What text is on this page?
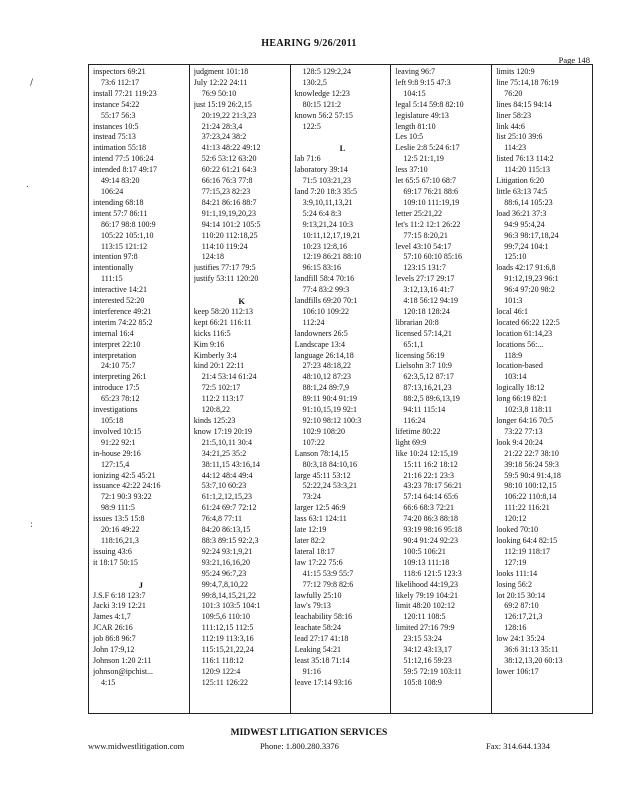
HEARING 9/26/2011
Page 148
/
.
:
inspectors 69:21
73:6 112:17
install 77:21 119:23
instance 54:22
55:17 56:3
instances 10:5
instead 75:13
intimation 55:18
intend 77:5 106:24
intended 8:17 49:17
49:14 83:20
106:24
intending 68:18
intent 57:7 86:11
86:17 98:8 100:9
105:22 105:1,10
113:15 121:12
intention 97:8
intentionally
111:15
interactive 14:21
interested 52:20
interference 49:21
interim 74:22 85:2
internal 16:4
interpret 22:10
interpretation
24:10 75:7
interpreting 26:1
introduce 17:5
65:23 78:12
investigations
105:18
involved 10:15
91:22 92:1
in-house 29:16
127:15,4
ionizing 42:5 45:21
issuance 42:22 24:16
72:1 90:3 93:22
98:9 111:5
issues 13:5 15:8
20:16 49:22
118:16,21,3
issuing 43:6
it 18:17 50:15

J
J.S.F 6:18 123:7
Jacki 3:19 12:21
James 4:1,7
JCAR 26:16
job 86:8 96:7
John 17:9,12
Johnson 1:20 2:11
johnson@ipchist...
4:15
judgment 101:18
July 12:22 24:11
76:9 50:10
just 15:19 26:2,15
20:19,22 21:3,23
21:24 28:3,4
37:23,24 38:2
41:13 48:22 49:12
52:6 53:12 63:20
60:22 61:21 64:3
66:16 76:3 77:8
77:15,23 82:23
84:21 86:16 88:7
91:1,19,19,20,23
94:14 101:2 105:5
110:20 112:18,25
114:10 119:24
124:18
justifies 77:17 79:5
justify 53:11 120:20

K
keep 58:20 112:13
kept 66:21 116:11
kicks 116:5
Kim 9:16
Kimberly 3:4
kind 20:1 22:11
21:4 53:14 61:24
72:5 102:17
112:2 113:17
120:8,22
kinds 125:23
know 17:19 20:19
21:5,10,11 30:4
34:21,25 35:2
38:11,15 43:16,14
44:12 48:4 49:4
53:7,10 60:23
61:1,2,12,15,23
61:24 69:7 72:12
76:4,8 77:11
84:20 86:13,15
88:3 89:15 92:2,3
92:24 93:1,9,21
93:21,16,16,20
95:24 96:7,23
99:4,7,8,10,22
99:8,14,15,21,22
101:3 103:5 104:1
109:5,6 110:10
111:12,15 112:5
112:19 113:3,16
115:15,21,22,24
116:1 118:12
120:9 122:4
125:11 126:22
128:5 129:2,24
130:2,5
knowledge 12:23
80:15 121:2
known 56:2 57:15
122:5

L
lab 71:6
laboratory 39:14
71:5 103:21,23
land 7:20 18:3 35:5
3:9,10,11,13,21
5:24 6:4 8:3
9:13,21,24 10:3
10:11,12,17,19,21
10:23 12:8,16
12:19 86:21 88:10
96:15 83:16
landfill 58:4 70:16
77:4 83:2 99:3
landfills 69:20 70:1
106:10 109:22
112:24
landowners 26:5
Landscape 13:4
language 26:14,18
27:23 48:18,22
48:10,12 87:23
88:1,24 89:7,9
89:11 90:4 91:19
91:10,15,19 92:1
92:10 98:12 100:3
102:9 108:20
107:22
Lanson 78:14,15
80:3,18 84:10,16
large 45:11 53:12
52:22,24 53:3,21
73:24
larger 12:5 46:9
lass 63:1 124:11
late 12:19
later 82:2
lateral 18:17
law 17:22 75:6
41:15 53:9 55:7
77:12 79:8 82:6
lawfully 25:10
law's 79:13
leachability 58:16
leachate 58:24
lead 27:17 41:18
Leaking 54:21
least 35:18 71:14
91:16
leave 17:14 93:16
leaving 96:7
left 9:8 9:15 47:3
104:15
legal 5:14 59:8 82:10
legislature 49:13
length 81:10
Les 10:5
Leslie 2:8 5:24 6:17
12:5 21:1,19
less 37:10
let 65:5 67:10 68:7
69:17 76:21 88:6
109:10 111:19,19
letter 25:21,22
let's 11:2 12:1 26:22
77:15 8:20,21
level 43:10 54:17
57:10 60:10 85:16
123:15 131:7
levels 27:17 29:17
3:12,13,16 41:7
4:18 56:12 94:19
120:18 128:24
librarian 20:8
licensed 57:14,21
65:1,1
licensing 56:19
Lielsohn 3:7 10:9
62:3,5,12 87:17
87:13,16,21,23
88:2,5 89:6,13,19
94:11 115:14
116:24
lifetime 80:22
light 69:9
like 10:24 12:15,19
15:11 16:2 18:12
21:16 22:1 23:3
43:23 78:17 56:21
57:14 64:14 65:6
66:6 68:3 72:21
74:20 86:3 88:18
93:19 98:16 95:18
90:4 91:24 92:23
100:5 106:21
109:13 111:18
118:6 121:5 123:3
likelihood 44:19,23
likely 79:19 104:21
limit 48:20 102:12
120:11 108:5
limited 27:16 79:9
23:15 53:24
34:12 43:13,17
51:12,16 59:23
59:5 72:19 103:11
105:8 108:9
limits 120:9
line 75:14,18 76:19
76:20
lines 84:15 94:14
liner 58:23
link 44:6
list 25:10 39:6
114:23
listed 76:13 114:2
114:20 115:13
Litigation 6:20
little 63:13 74:5
88:6,14 105:23
load 36:21 37:3
94:9 95:4,24
96:3 98:17,18,24
99:7,24 104:1
125:10
loads 42:17 91:6,8
91:12,19,23 96:1
96:4 97:20 98:2
101:3
local 46:1
located 66:22 122:5
location 61:14,23
locations 56:...
118:9
location-based
103:14
logically 18:12
long 66:19 82:1
102:3,8 118:11
longer 64:16 70:5
73:22 77:13
look 9:4 20:24
21:22 22:7 38:10
39:18 56:24 59:3
59:5 90:4 91:4,18
98:10 100:12,15
106:22 110:8,14
111:22 116:21
120:12
looked 70:10
looking 64:4 82:15
112:19 118:17
127:19
looks 111:14
losing 56:2
lot 20:15 30:14
69:2 87:10
126:17,21,3
128:16
low 24:1 35:24
36:6 31:13 35:11
38:12,13,20 60:13
lower 106:17
MIDWEST LITIGATION SERVICES
www.midwestlitigation.com	Phone: 1.800.280.3376	Fax: 314.644.1334
